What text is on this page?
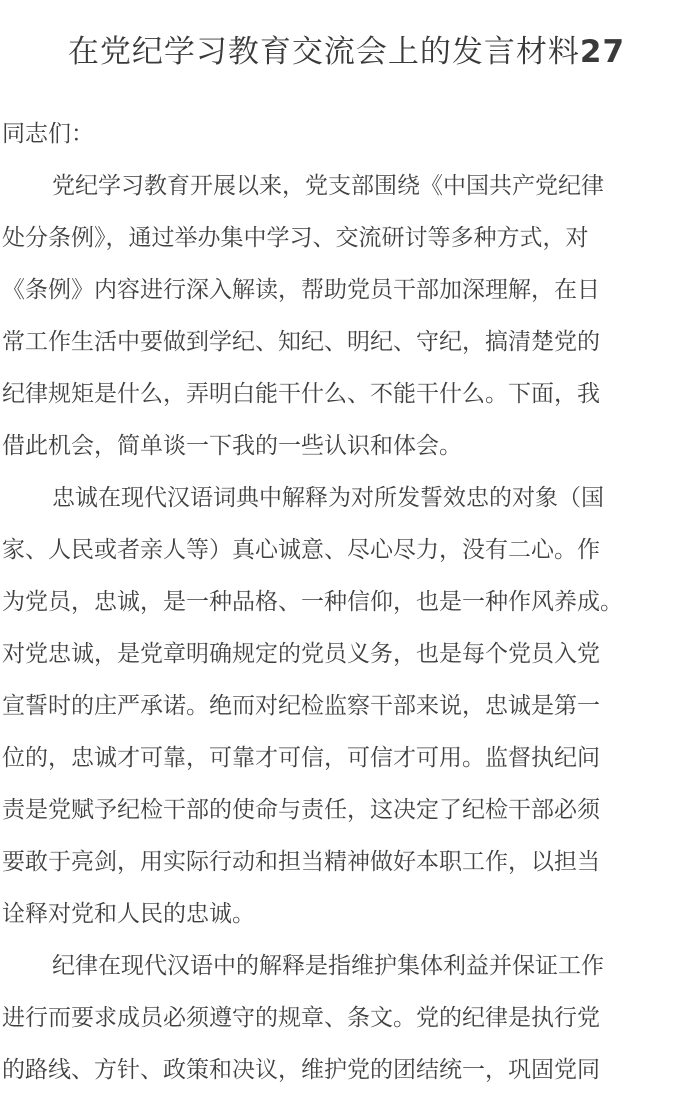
在党纪学习教育交流会上的发言材料27
同志们：
党纪学习教育开展以来，党支部围绕《中国共产党纪律
处分条例》，通过举办集中学习、交流研讨等多种方式，对
《条例》内容进行深入解读，帮助党员干部加深理解，在日
常工作生活中要做到学纪、知纪、明纪、守纪，搞清楚党的
纪律规矩是什么，弄明白能干什么、不能干什么。下面，我
借此机会，简单谈一下我的一些认识和体会。
忠诚在现代汉语词典中解释为对所发誓效忠的对象（国
家、人民或者亲人等）真心诚意、尽心尽力，没有二心。作
为党员，忠诚，是一种品格、一种信仰，也是一种作风养成。
对党忠诚，是党章明确规定的党员义务，也是每个党员入党
宣誓时的庄严承诺。绝而对纪检监察干部来说，忠诚是第一
位的，忠诚才可靠，可靠才可信，可信才可用。监督执纪问
责是党赋予纪检干部的使命与责任，这决定了纪检干部必须
要敢于亮剑，用实际行动和担当精神做好本职工作，以担当
诠释对党和人民的忠诚。
纪律在现代汉语中的解释是指维护集体利益并保证工作
进行而要求成员必须遵守的规章、条文。党的纪律是执行党
的路线、方针、政策和决议，维护党的团结统一，巩固党同
